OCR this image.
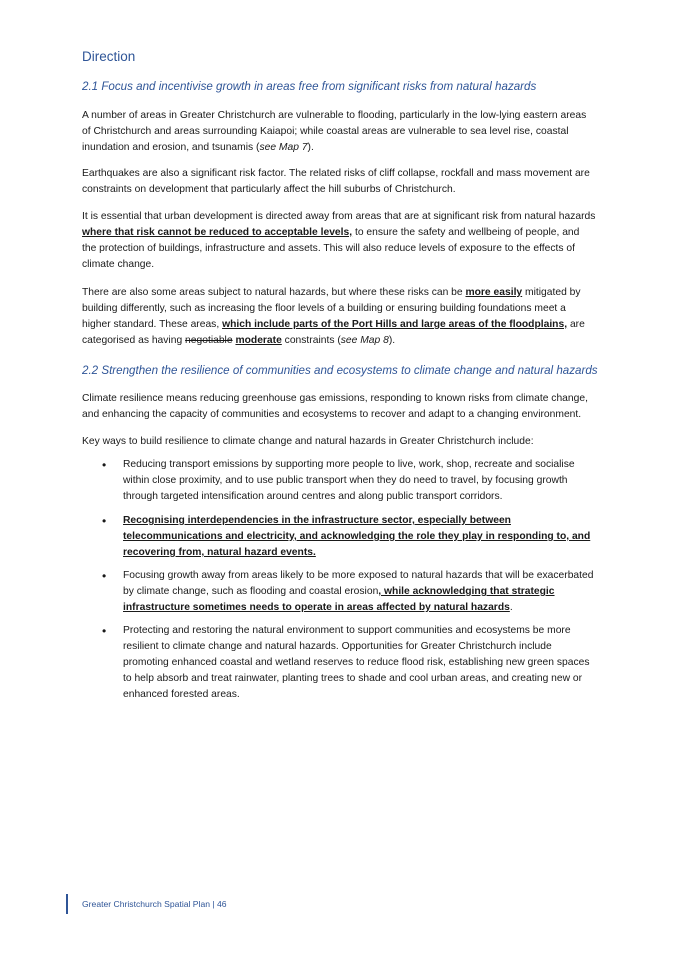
Direction
2.1 Focus and incentivise growth in areas free from significant risks from natural hazards

A number of areas in Greater Christchurch are vulnerable to flooding, particularly in the low-lying eastern areas of Christchurch and areas surrounding Kaiapoi; while coastal areas are vulnerable to sea level rise, coastal inundation and erosion, and tsunamis (see Map 7).

Earthquakes are also a significant risk factor. The related risks of cliff collapse, rockfall and mass movement are constraints on development that particularly affect the hill suburbs of Christchurch.

It is essential that urban development is directed away from areas that are at significant risk from natural hazards where that risk cannot be reduced to acceptable levels, to ensure the safety and wellbeing of people, and the protection of buildings, infrastructure and assets. This will also reduce levels of exposure to the effects of climate change.

There are also some areas subject to natural hazards, but where these risks can be more easily mitigated by building differently, such as increasing the floor levels of a building or ensuring building foundations meet a higher standard. These areas, which include parts of the Port Hills and large areas of the floodplains, are categorised as having negotiable moderate constraints (see Map 8).

2.2 Strengthen the resilience of communities and ecosystems to climate change and natural hazards

Climate resilience means reducing greenhouse gas emissions, responding to known risks from climate change, and enhancing the capacity of communities and ecosystems to recover and adapt to a changing environment.

Key ways to build resilience to climate change and natural hazards in Greater Christchurch include:

• Reducing transport emissions by supporting more people to live, work, shop, recreate and socialise within close proximity, and to use public transport when they do need to travel, by focusing growth through targeted intensification around centres and along public transport corridors.
• Recognising interdependencies in the infrastructure sector, especially between telecommunications and electricity, and acknowledging the role they play in responding to, and recovering from, natural hazard events.
• Focusing growth away from areas likely to be more exposed to natural hazards that will be exacerbated by climate change, such as flooding and coastal erosion, while acknowledging that strategic infrastructure sometimes needs to operate in areas affected by natural hazards.
• Protecting and restoring the natural environment to support communities and ecosystems be more resilient to climate change and natural hazards. Opportunities for Greater Christchurch include promoting enhanced coastal and wetland reserves to reduce flood risk, establishing new green spaces to help absorb and treat rainwater, planting trees to shade and cool urban areas, and creating new or enhanced forested areas.
Greater Christchurch Spatial Plan | 46
